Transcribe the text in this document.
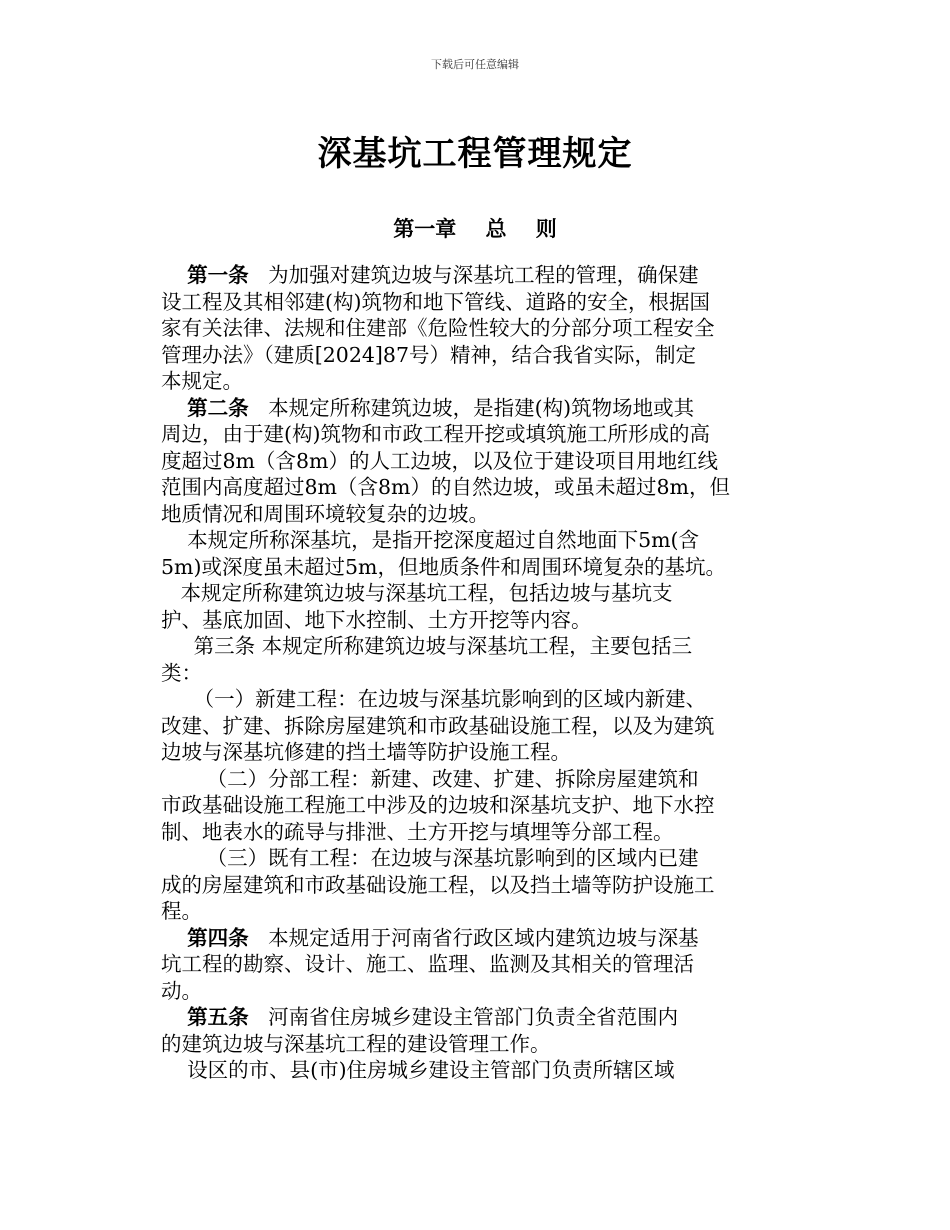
下载后可任意编辑
深基坑工程管理规定
第一章    总    则
第一条   为加强对建筑边坡与深基坑工程的管理，确保建
设工程及其相邻建(构)筑物和地下管线、道路的安全，根据国
家有关法律、法规和住建部《危险性较大的分部分项工程安全
管理办法》（建质[2024]87号）精神，结合我省实际，制定
本规定。
第二条   本规定所称建筑边坡，是指建(构)筑物场地或其
周边，由于建(构)筑物和市政工程开挖或填筑施工所形成的高
度超过8m（含8m）的人工边坡，以及位于建设项目用地红线
范围内高度超过8m（含8m）的自然边坡，或虽未超过8m，但
地质情况和周围环境较复杂的边坡。
本规定所称深基坑，是指开挖深度超过自然地面下5m(含
5m)或深度虽未超过5m，但地质条件和周围环境复杂的基坑。
本规定所称建筑边坡与深基坑工程，包括边坡与基坑支
护、基底加固、地下水控制、土方开挖等内容。
第三条 本规定所称建筑边坡与深基坑工程，主要包括三
类：
（一）新建工程：在边坡与深基坑影响到的区域内新建、
改建、扩建、拆除房屋建筑和市政基础设施工程，以及为建筑
边坡与深基坑修建的挡土墙等防护设施工程。
（二）分部工程：新建、改建、扩建、拆除房屋建筑和
市政基础设施工程施工中涉及的边坡和深基坑支护、地下水控
制、地表水的疏导与排泄、土方开挖与填埋等分部工程。
（三）既有工程：在边坡与深基坑影响到的区域内已建
成的房屋建筑和市政基础设施工程，以及挡土墙等防护设施工
程。
第四条   本规定适用于河南省行政区域内建筑边坡与深基
坑工程的勘察、设计、施工、监理、监测及其相关的管理活
动。
第五条   河南省住房城乡建设主管部门负责全省范围内
的建筑边坡与深基坑工程的建设管理工作。
设区的市、县(市)住房城乡建设主管部门负责所辖区域
